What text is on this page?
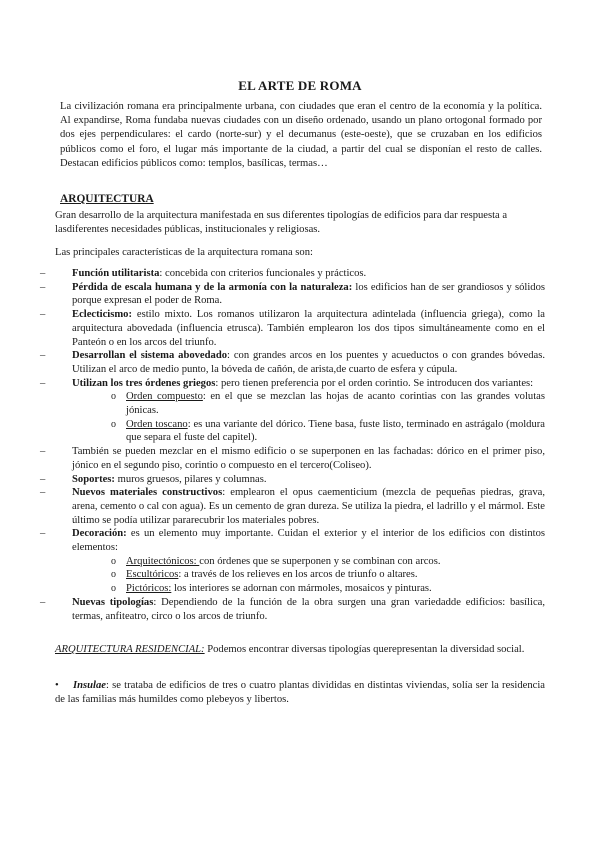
EL ARTE DE ROMA
La civilización romana era principalmente urbana, con ciudades que eran el centro de la economía y la política. Al expandirse, Roma fundaba nuevas ciudades con un diseño ordenado, usando un plano ortogonal formado por dos ejes perpendiculares: el cardo (norte-sur) y el decumanus (este-oeste), que se cruzaban en los edificios públicos como el foro, el lugar más importante de la ciudad, a partir del cual se disponían el resto de calles. Destacan edificios públicos como: templos, basílicas, termas…
ARQUITECTURA
Gran desarrollo de la arquitectura manifestada en sus diferentes tipologías de edificios para dar respuesta a lasdiferentes necesidades públicas, institucionales y religiosas.
Las principales características de la arquitectura romana son:
– Función utilitarista: concebida con criterios funcionales y prácticos.
– Pérdida de escala humana y de la armonía con la naturaleza: los edificios han de ser grandiosos y sólidos porque expresan el poder de Roma.
– Eclecticismo: estilo mixto. Los romanos utilizaron la arquitectura adintelada (influencia griega), como la arquitectura abovedada (influencia etrusca). También emplearon los dos tipos simultáneamente como en el Panteón o en los arcos del triunfo.
– Desarrollan el sistema abovedado: con grandes arcos en los puentes y acueductos o con grandes bóvedas. Utilizan el arco de medio punto, la bóveda de cañón, de arista,de cuarto de esfera y cúpula.
– Utilizan los tres órdenes griegos: pero tienen preferencia por el orden corintio. Se introducen dos variantes:
o Orden compuesto: en el que se mezclan las hojas de acanto corintias con las grandes volutas jónicas.
o Orden toscano: es una variante del dórico. Tiene basa, fuste listo, terminado en astrágalo (moldura que separa el fuste del capitel).
– También se pueden mezclar en el mismo edificio o se superponen en las fachadas: dórico en el primer piso, jónico en el segundo piso, corintio o compuesto en el tercero(Coliseo).
– Soportes: muros gruesos, pilares y columnas.
– Nuevos materiales constructivos: emplearon el opus caementicium (mezcla de pequeñas piedras, grava, arena, cemento o cal con agua). Es un cemento de gran dureza. Se utiliza la piedra, el ladrillo y el mármol. Este último se podía utilizar pararecubrir los materiales pobres.
– Decoración: es un elemento muy importante. Cuidan el exterior y el interior de los edificios con distintos elementos:
o Arquitectónicos: con órdenes que se superponen y se combinan con arcos.
o Escultóricos: a través de los relieves en los arcos de triunfo o altares.
o Pictóricos: los interiores se adornan con mármoles, mosaicos y pinturas.
– Nuevas tipologías: Dependiendo de la función de la obra surgen una gran variedadde edificios: basílica, termas, anfiteatro, circo o los arcos de triunfo.
ARQUITECTURA RESIDENCIAL: Podemos encontrar diversas tipologías querepresentan la diversidad social.
•	Insulae: se trataba de edificios de tres o cuatro plantas divididas en distintas viviendas, solía ser la residencia de las familias más humildes como plebeyos y libertos.
